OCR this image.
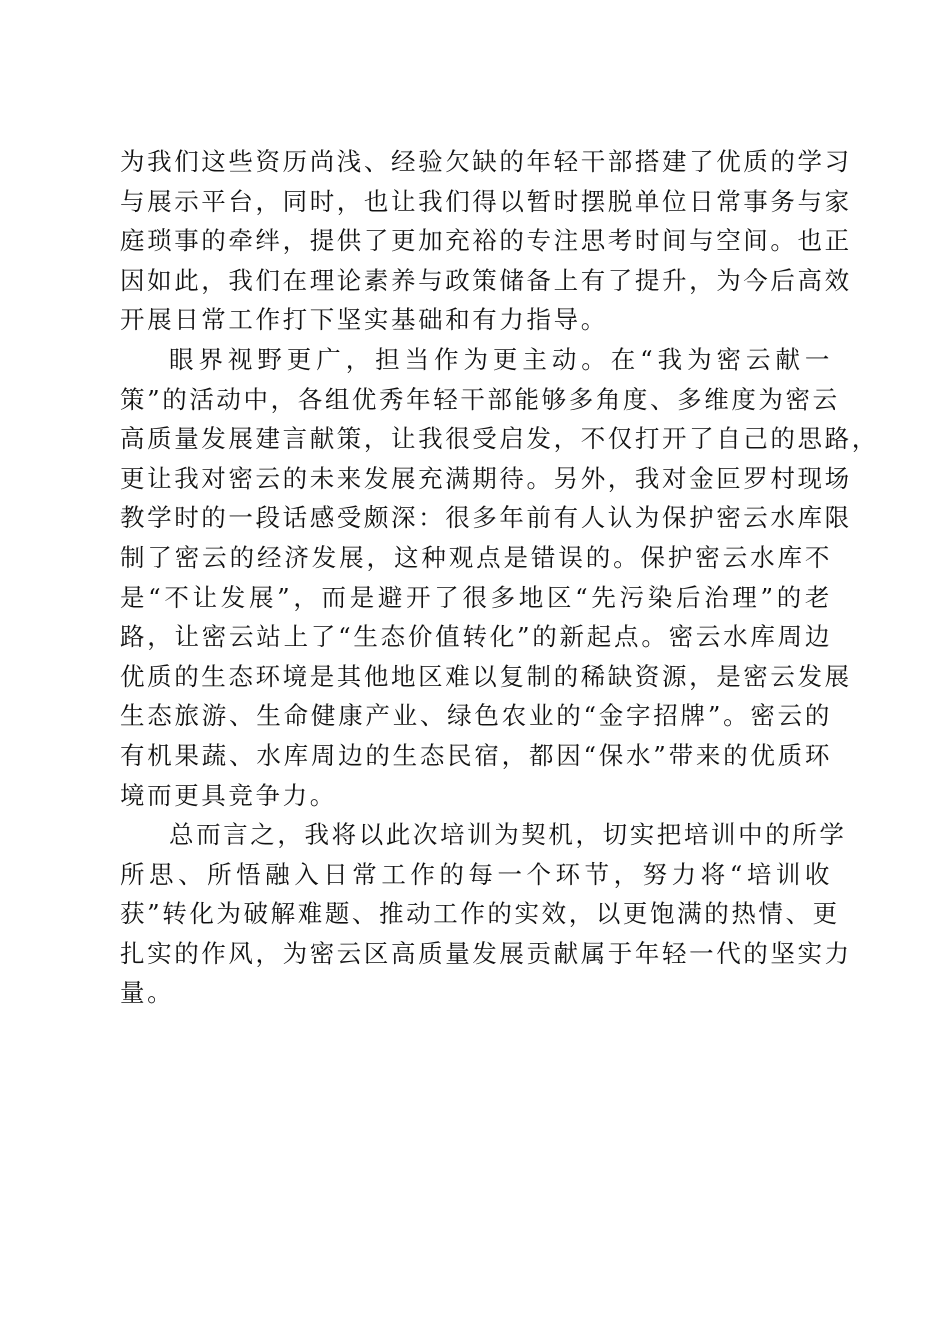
为我们这些资历尚浅、经验欠缺的年轻干部搭建了优质的学习
与展示平台，同时，也让我们得以暂时摆脱单位日常事务与家
庭琐事的牵绊，提供了更加充裕的专注思考时间与空间。也正
因如此，我们在理论素养与政策储备上有了提升，为今后高效
开展日常工作打下坚实基础和有力指导。
眼界视野更广，担当作为更主动。在“我为密云献一
策”的活动中，各组优秀年轻干部能够多角度、多维度为密云
高质量发展建言献策，让我很受启发，不仅打开了自己的思路，
更让我对密云的未来发展充满期待。另外，我对金叵罗村现场
教学时的一段话感受颇深：很多年前有人认为保护密云水库限
制了密云的经济发展，这种观点是错误的。保护密云水库不
是“不让发展”，而是避开了很多地区“先污染后治理”的老
路，让密云站上了“生态价值转化”的新起点。密云水库周边
优质的生态环境是其他地区难以复制的稀缺资源，是密云发展
生态旅游、生命健康产业、绿色农业的“金字招牌”。密云的
有机果蔬、水库周边的生态民宿，都因“保水”带来的优质环
境而更具竞争力。
总而言之，我将以此次培训为契机，切实把培训中的所学
所思、所悟融入日常工作的每一个环节，努力将“培训收
获”转化为破解难题、推动工作的实效，以更饱满的热情、更
扎实的作风，为密云区高质量发展贡献属于年轻一代的坚实力
量。
